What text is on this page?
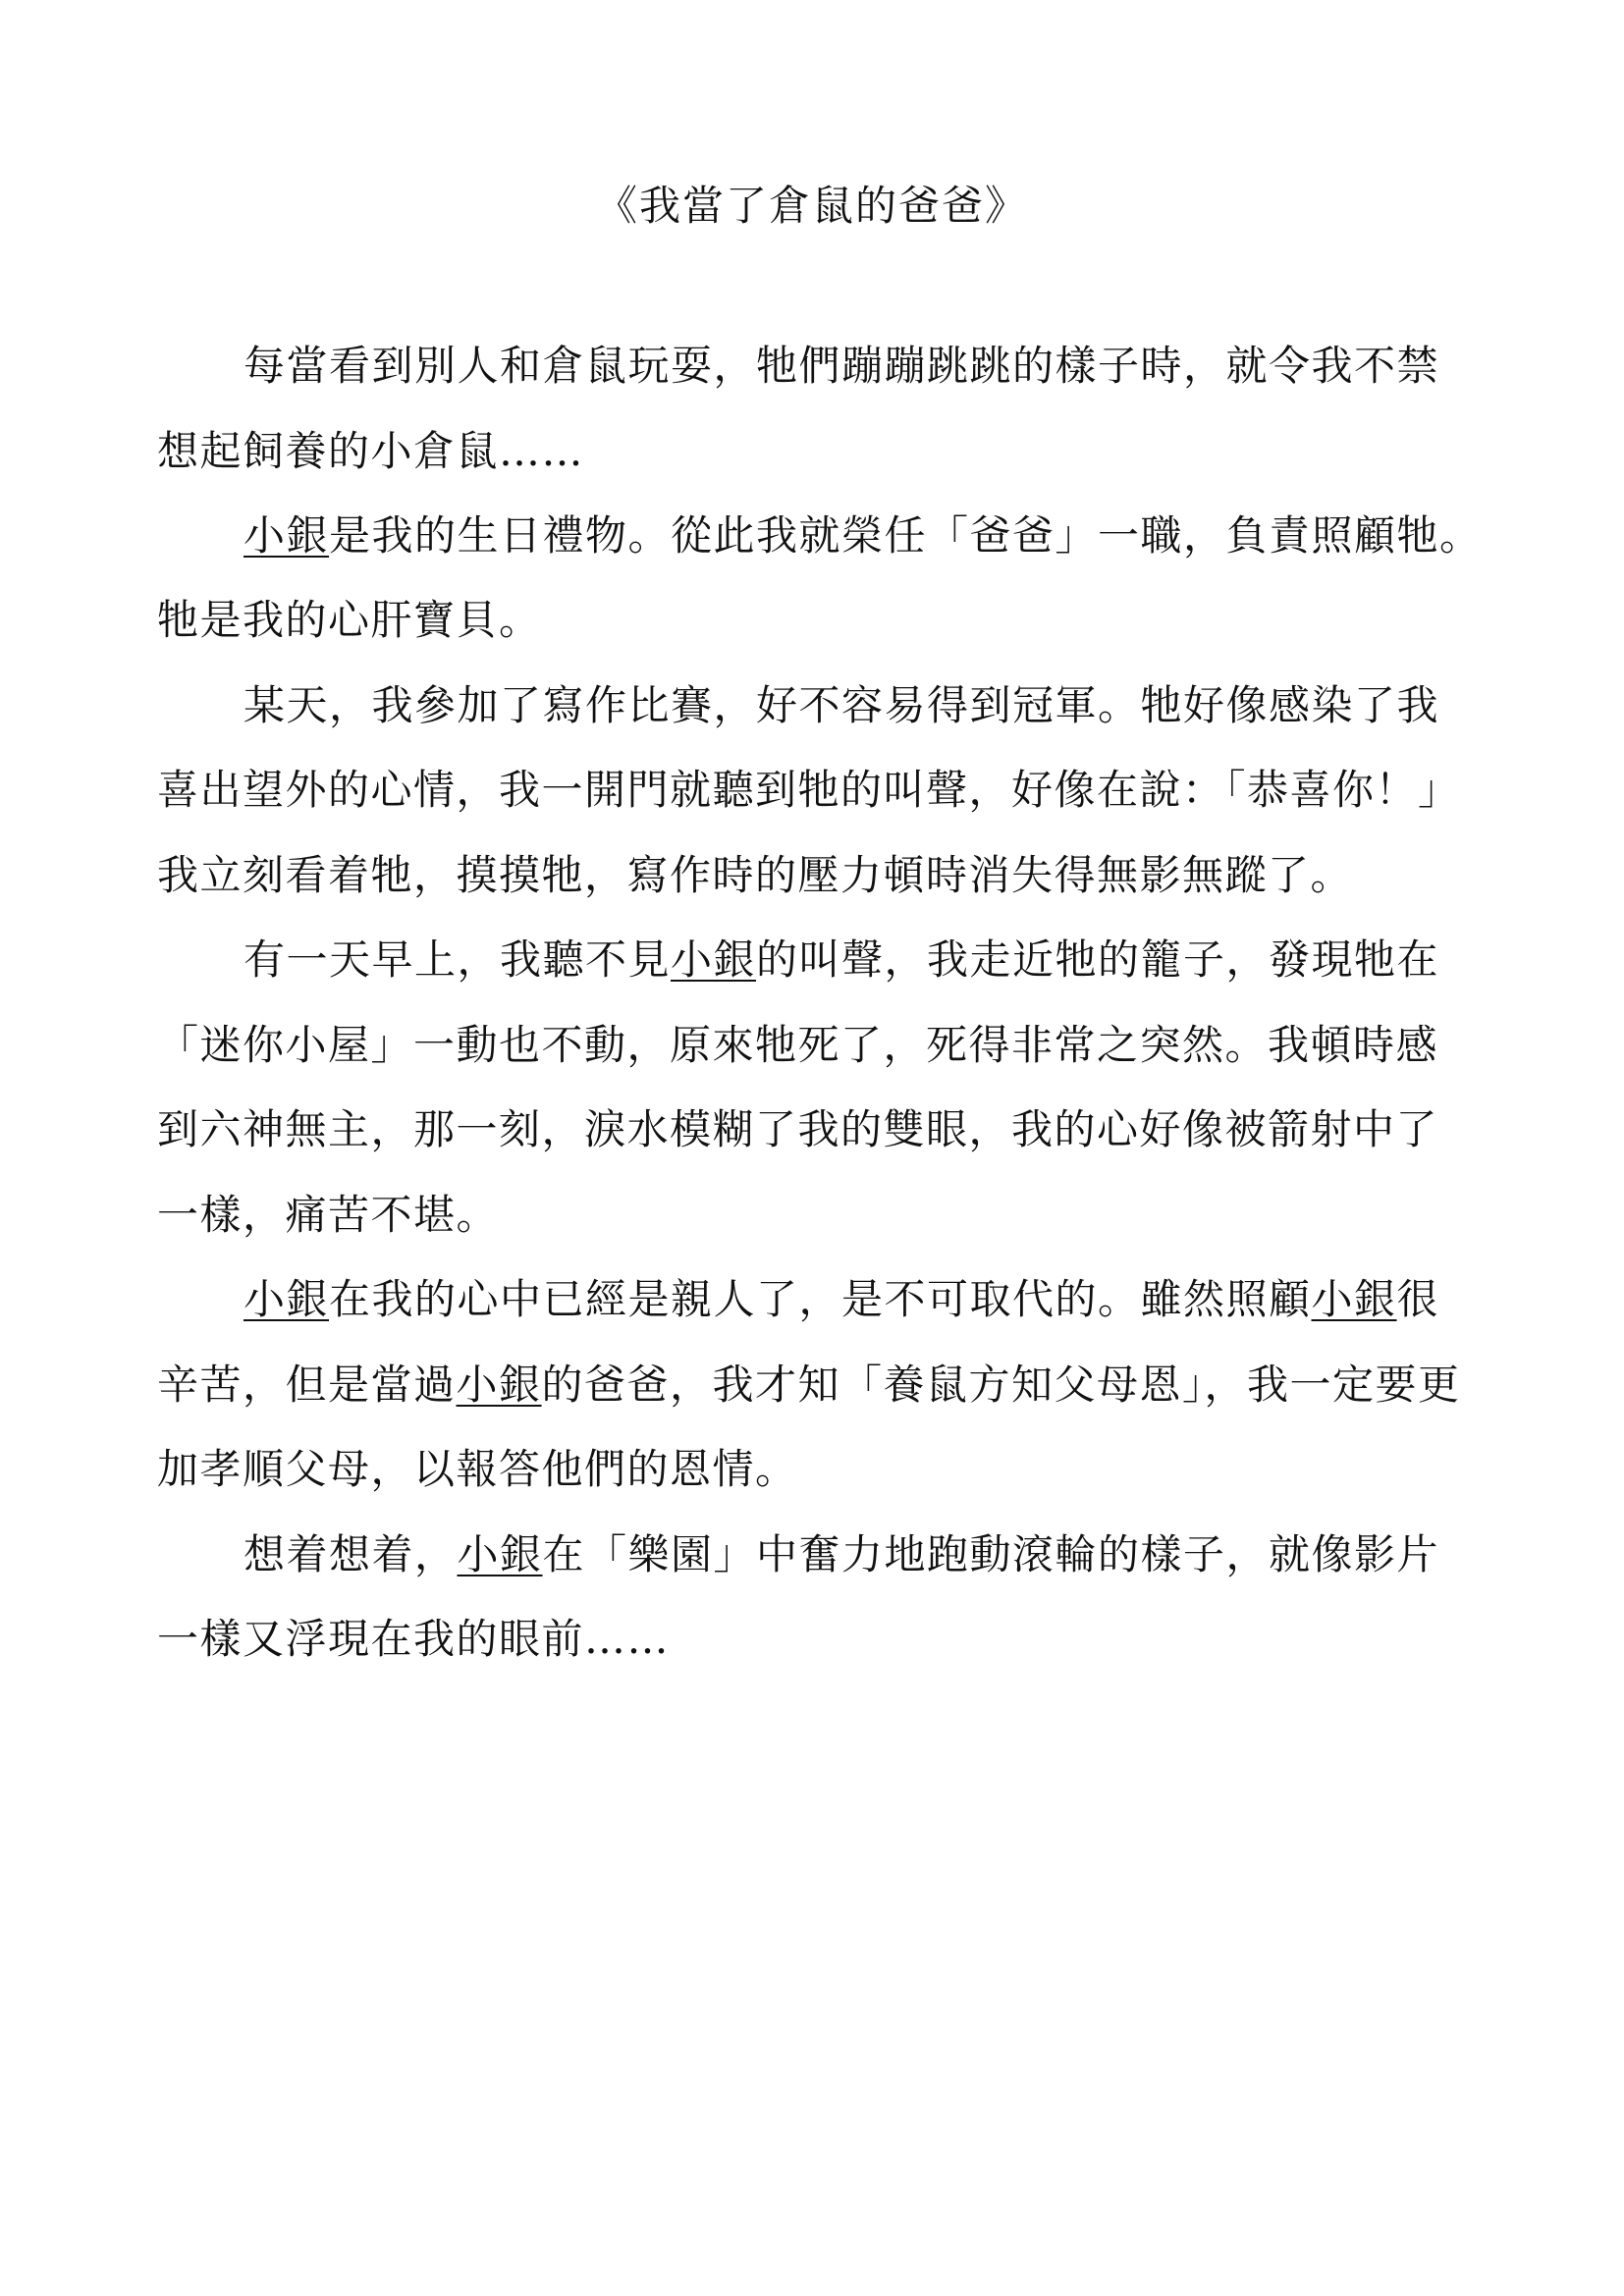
《我當了倉鼠的爸爸》
每當看到別人和倉鼠玩耍，牠們蹦蹦跳跳的樣子時，就令我不禁
想起飼養的小倉鼠……
小銀是我的生日禮物。從此我就榮任「爸爸」一職，負責照顧牠。
牠是我的心肝寶貝。
某天，我參加了寫作比賽，好不容易得到冠軍。牠好像感染了我
喜出望外的心情，我一開門就聽到牠的叫聲，好像在說：「恭喜你！」
我立刻看着牠，摸摸牠，寫作時的壓力頓時消失得無影無蹤了。
有一天早上，我聽不見小銀的叫聲，我走近牠的籠子，發現牠在
「迷你小屋」一動也不動，原來牠死了，死得非常之突然。我頓時感
到六神無主，那一刻，淚水模糊了我的雙眼，我的心好像被箭射中了
一樣，痛苦不堪。
小銀在我的心中已經是親人了，是不可取代的。雖然照顧小銀很
辛苦，但是當過小銀的爸爸，我才知「養鼠方知父母恩」，我一定要更
加孝順父母，以報答他們的恩情。
想着想着，小銀在「樂園」中奮力地跑動滾輪的樣子，就像影片
一樣又浮現在我的眼前……
